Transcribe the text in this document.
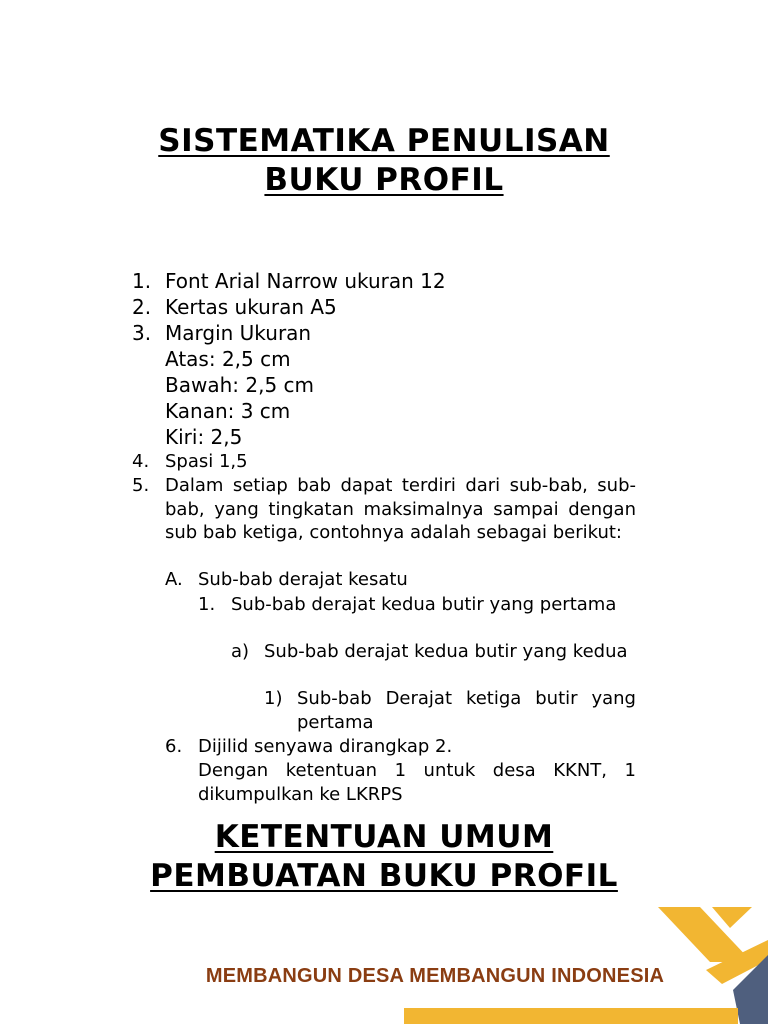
SISTEMATIKA PENULISAN
BUKU PROFIL
1. Font Arial Narrow ukuran 12
2. Kertas ukuran A5
3. Margin Ukuran
Atas: 2,5 cm
Bawah: 2,5 cm
Kanan: 3 cm
Kiri: 2,5
4. Spasi 1,5
5. Dalam setiap bab dapat terdiri dari sub-bab, sub-bab, yang tingkatan maksimalnya sampai dengan sub bab ketiga, contohnya adalah sebagai berikut:
A. Sub-bab derajat kesatu
1. Sub-bab derajat kedua butir yang pertama
a) Sub-bab derajat kedua butir yang kedua
1) Sub-bab Derajat ketiga butir yang pertama
6. Dijilid senyawa dirangkap 2.
Dengan ketentuan 1 untuk desa KKNT, 1 dikumpulkan ke LKRPS
KETENTUAN UMUM
PEMBUATAN BUKU PROFIL
MEMBANGUN DESA MEMBANGUN INDONESIA
